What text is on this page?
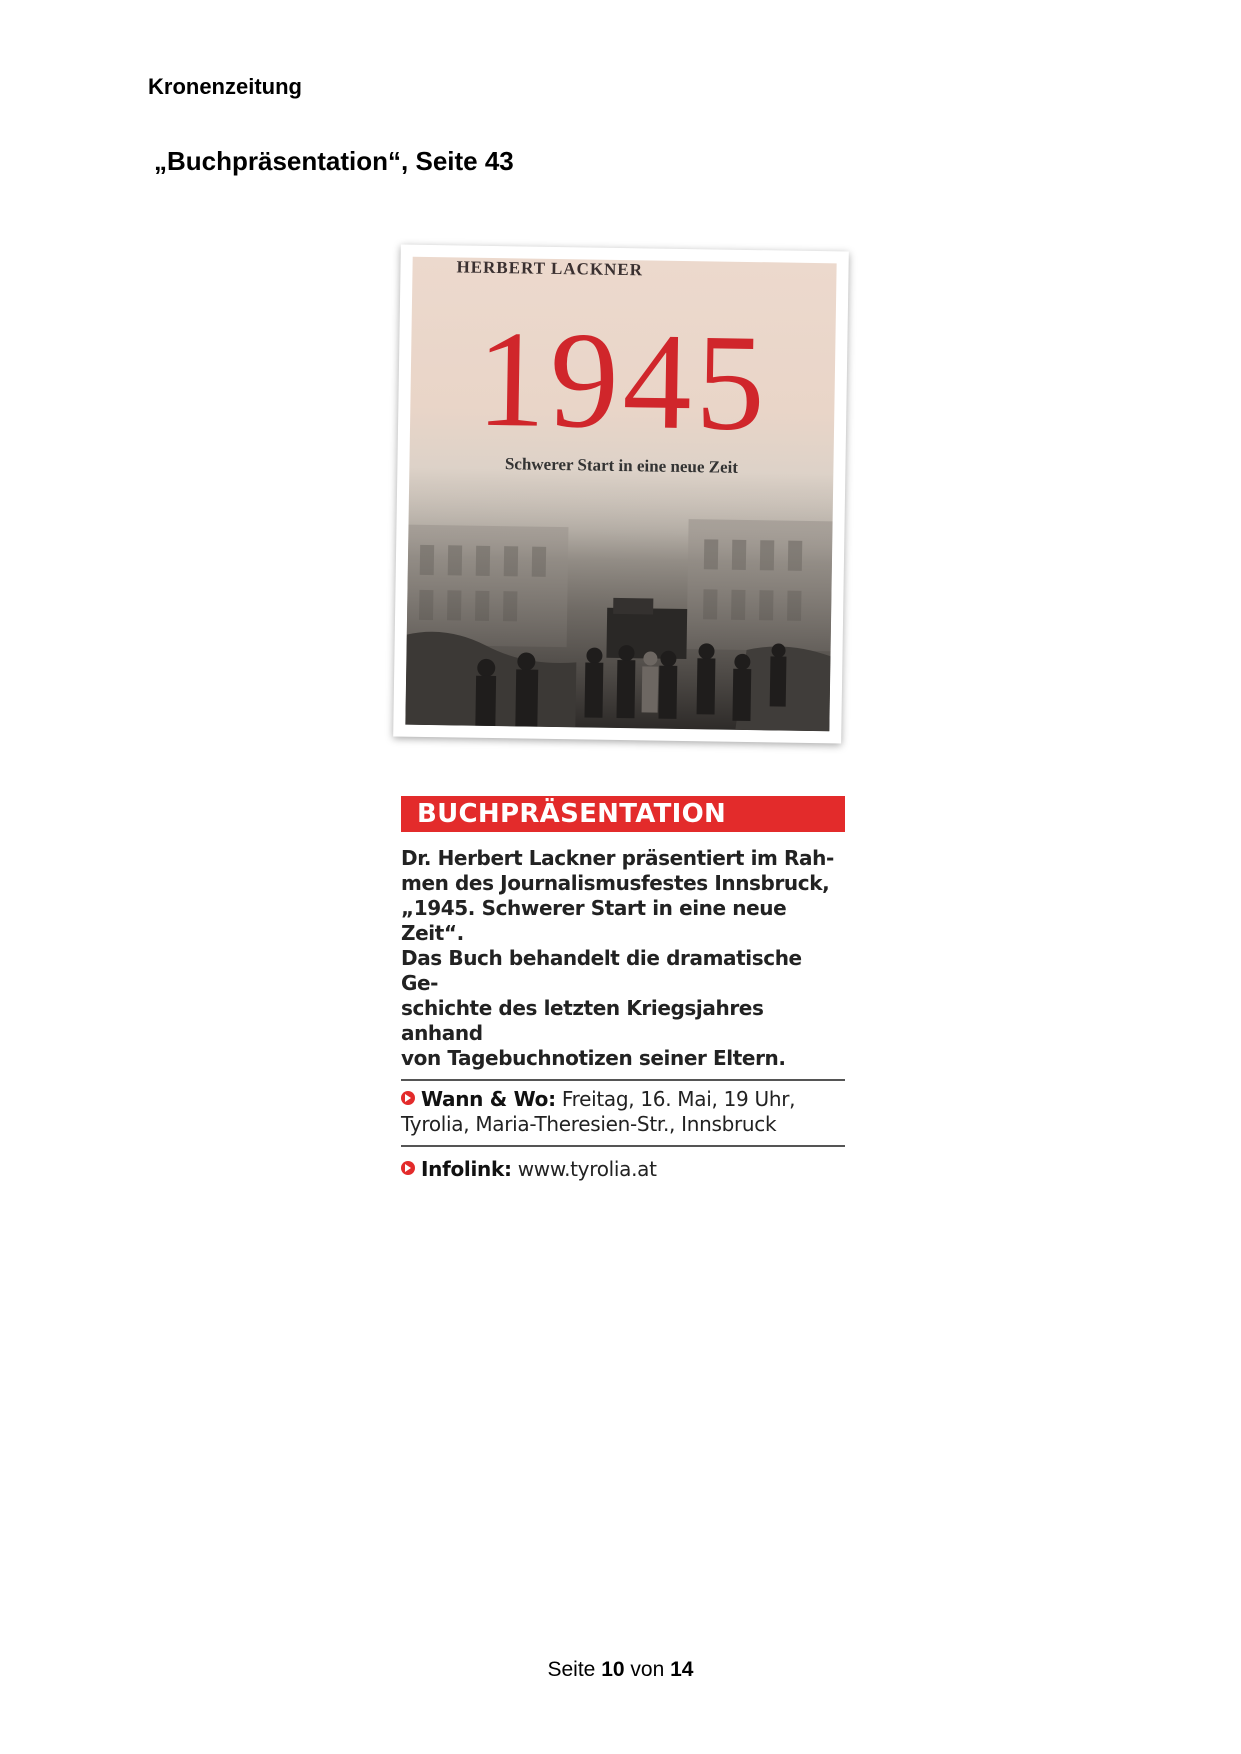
Kronenzeitung
„Buchpräsentation“, Seite 43
HERBERT LACKNER
1945
Schwerer Start in eine neue Zeit
BUCHPRÄSENTATION
Dr. Herbert Lackner präsentiert im Rah-
men des Journalismusfestes Innsbruck,
„1945. Schwerer Start in eine neue Zeit“.
Das Buch behandelt die dramatische Ge-
schichte des letzten Kriegsjahres anhand
von Tagebuchnotizen seiner Eltern.
Wann & Wo: Freitag, 16. Mai, 19 Uhr,
Tyrolia, Maria-Theresien-Str., Innsbruck
Infolink: www.tyrolia.at
Seite 10 von 14
